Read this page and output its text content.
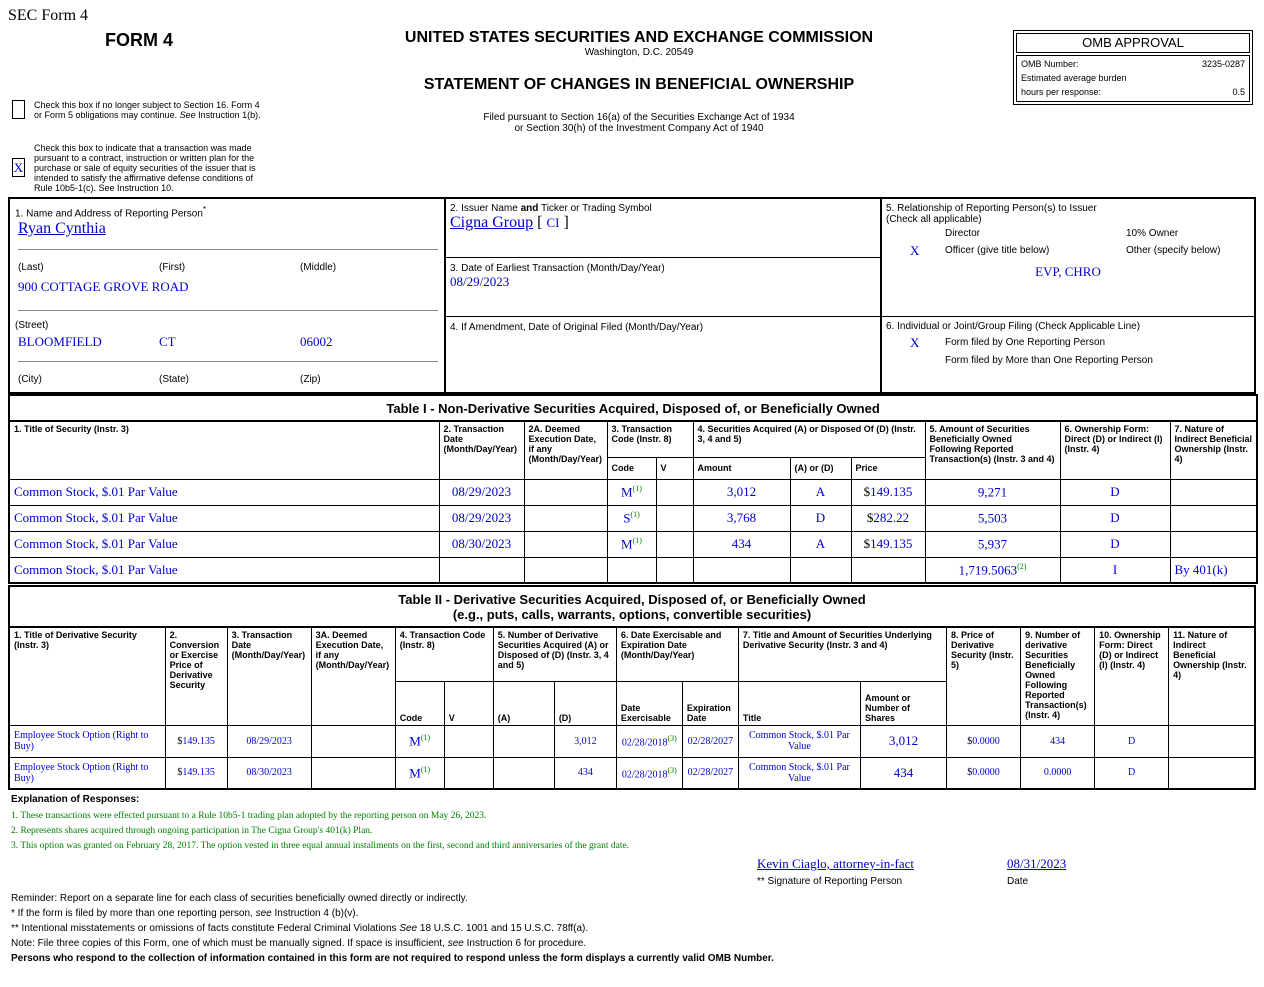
SEC Form 4
FORM 4	UNITED STATES SECURITIES AND EXCHANGE COMMISSION
Washington, D.C. 20549
STATEMENT OF CHANGES IN BENEFICIAL OWNERSHIP
Filed pursuant to Section 16(a) of the Securities Exchange Act of 1934
or Section 30(h) of the Investment Company Act of 1940
OMB APPROVAL
OMB Number:	3235-0287
Estimated average burden
hours per response:	0.5
Check this box if no longer subject to Section 16. Form 4 or Form 5 obligations may continue. See Instruction 1(b).
X
Check this box to indicate that a transaction was made pursuant to a contract, instruction or written plan for the purchase or sale of equity securities of the issuer that is intended to satisfy the affirmative defense conditions of Rule 10b5-1(c). See Instruction 10.
1. Name and Address of Reporting Person*
Ryan Cynthia
(Last)	(First)	(Middle)
900 COTTAGE GROVE ROAD
(Street)
BLOOMFIELD	CT	06002
(City)	(State)	(Zip)
2. Issuer Name and Ticker or Trading Symbol
Cigna Group [ CI ]
3. Date of Earliest Transaction (Month/Day/Year)
08/29/2023
4. If Amendment, Date of Original Filed (Month/Day/Year)
5. Relationship of Reporting Person(s) to Issuer
(Check all applicable)
Director	10% Owner
X	Officer (give title below)	Other (specify below)
EVP, CHRO
6. Individual or Joint/Group Filing (Check Applicable Line)
X	Form filed by One Reporting Person
Form filed by More than One Reporting Person
Table I - Non-Derivative Securities Acquired, Disposed of, or Beneficially Owned										
1. Title of Security (Instr. 3)	2. Transaction Date (Month/Day/Year)	2A. Deemed Execution Date, if any (Month/Day/Year)	3. Transaction Code (Instr. 8)		4. Securities Acquired (A) or Disposed Of (D) (Instr. 3, 4 and 5)			5. Amount of Securities Beneficially Owned Following Reported Transaction(s) (Instr. 3 and 4)	6. Ownership Form: Direct (D) or Indirect (I) (Instr. 4)	7. Nature of Indirect Beneficial Ownership (Instr. 4)
			Code	V	Amount	(A) or (D)	Price			
Common Stock, $.01 Par Value	08/29/2023		$M^{(1)}$		3,012	A	$149.135	9,271	D	
Common Stock, $.01 Par Value	08/29/2023		$S^{(1)}$		3,768	D	$282.22	5,503	D	
Common Stock, $.01 Par Value	08/30/2023		$M^{(1)}$		434	A	$149.135	5,937	D	
Common Stock, $.01 Par Value								1,719.5063$^{(2)}$	I	By 401(k)
Table II - Derivative Securities Acquired, Disposed of, or Beneficially Owned
(e.g., puts, calls, warrants, options, convertible securities)															

1. Title of Derivative Security (Instr. 3)	2. Conversion or Exercise Price of Derivative Security	3. Transaction Date (Month/Day/Year)	3A. Deemed Execution Date, if any (Month/Day/Year)	4. Transaction Code (Instr. 8)		5. Number of Derivative Securities Acquired (A) or Disposed of (D) (Instr. 3, 4 and 5)		6. Date Exercisable and Expiration Date (Month/Day/Year)		7. Title and Amount of Securities Underlying Derivative Security (Instr. 3 and 4)		8. Price of Derivative Security (Instr. 5)	9. Number of derivative Securities Beneficially Owned Following Reported Transaction(s) (Instr. 4)	10. Ownership Form: Direct (D) or Indirect (I) (Instr. 4)	11. Nature of Indirect Beneficial Ownership (Instr. 4)
				Code	V	(A)	(D)	Date Exercisable	Expiration Date	Title	Amount or Number of Shares				
Employee Stock Option (Right to Buy)	$149.135	08/29/2023		$M^{(1)}$			3,012	02/28/2018$^{(3)}$	02/28/2027	Common Stock, $.01 Par Value	3,012	$0.0000	434	D	
Employee Stock Option (Right to Buy)	$149.135	08/30/2023		$M^{(1)}$			434	02/28/2018$^{(3)}$	02/28/2027	Common Stock, $.01 Par Value	434	$0.0000	0.0000	D	
Explanation of Responses:
1. These transactions were effected pursuant to a Rule 10b5-1 trading plan adopted by the reporting person on May 26, 2023.
2. Represents shares acquired through ongoing participation in The Cigna Group's 401(k) Plan.
3. This option was granted on February 28, 2017. The option vested in three equal annual installments on the first, second and third anniversaries of the grant date.
Kevin Ciaglo, attorney-in-fact	08/31/2023
** Signature of Reporting Person	Date
Reminder: Report on a separate line for each class of securities beneficially owned directly or indirectly.
* If the form is filed by more than one reporting person, see Instruction 4 (b)(v).
** Intentional misstatements or omissions of facts constitute Federal Criminal Violations See 18 U.S.C. 1001 and 15 U.S.C. 78ff(a).
Note: File three copies of this Form, one of which must be manually signed. If space is insufficient, see Instruction 6 for procedure.
Persons who respond to the collection of information contained in this form are not required to respond unless the form displays a currently valid OMB Number.
